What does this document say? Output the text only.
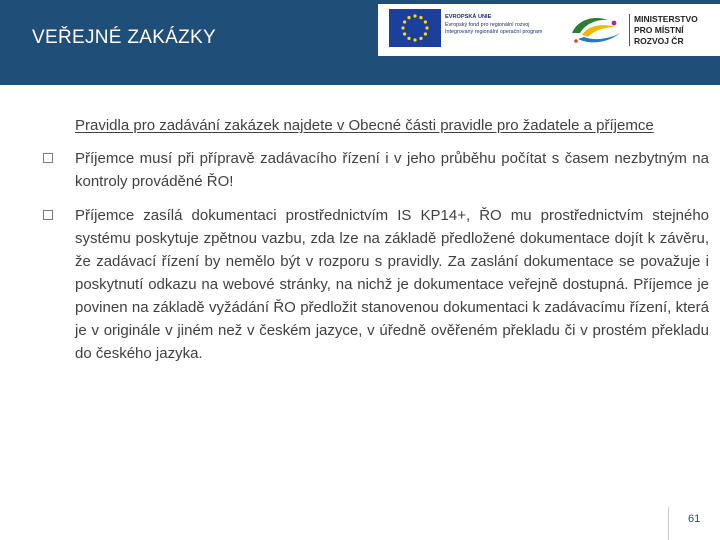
VEŘEJNÉ ZAKÁZKY
EVROPSKÁ UNIE
Evropský fond pro regionální rozvoj
Integrovaný regionální operační program
MINISTERSTVO
PRO MÍSTNÍ
ROZVOJ ČR
Pravidla pro zadávání zakázek najdete v Obecné části pravidle pro žadatele a příjemce
Příjemce musí při přípravě zadávacího řízení i v jeho průběhu počítat s časem nezbytným na kontroly prováděné ŘO!
Příjemce zasílá dokumentaci prostřednictvím IS KP14+, ŘO mu prostřednictvím stejného systému poskytuje zpětnou vazbu, zda lze na základě předložené dokumentace dojít k závěru, že zadávací řízení by nemělo být v rozporu s pravidly. Za zaslání dokumentace se považuje i poskytnutí odkazu na webové stránky, na nichž je dokumentace veřejně dostupná. Příjemce je povinen na základě vyžádání ŘO předložit stanovenou dokumentaci k zadávacímu řízení, která je v originále v jiném než v českém jazyce, v úředně ověřeném překladu či v prostém překladu do českého jazyka.
61
